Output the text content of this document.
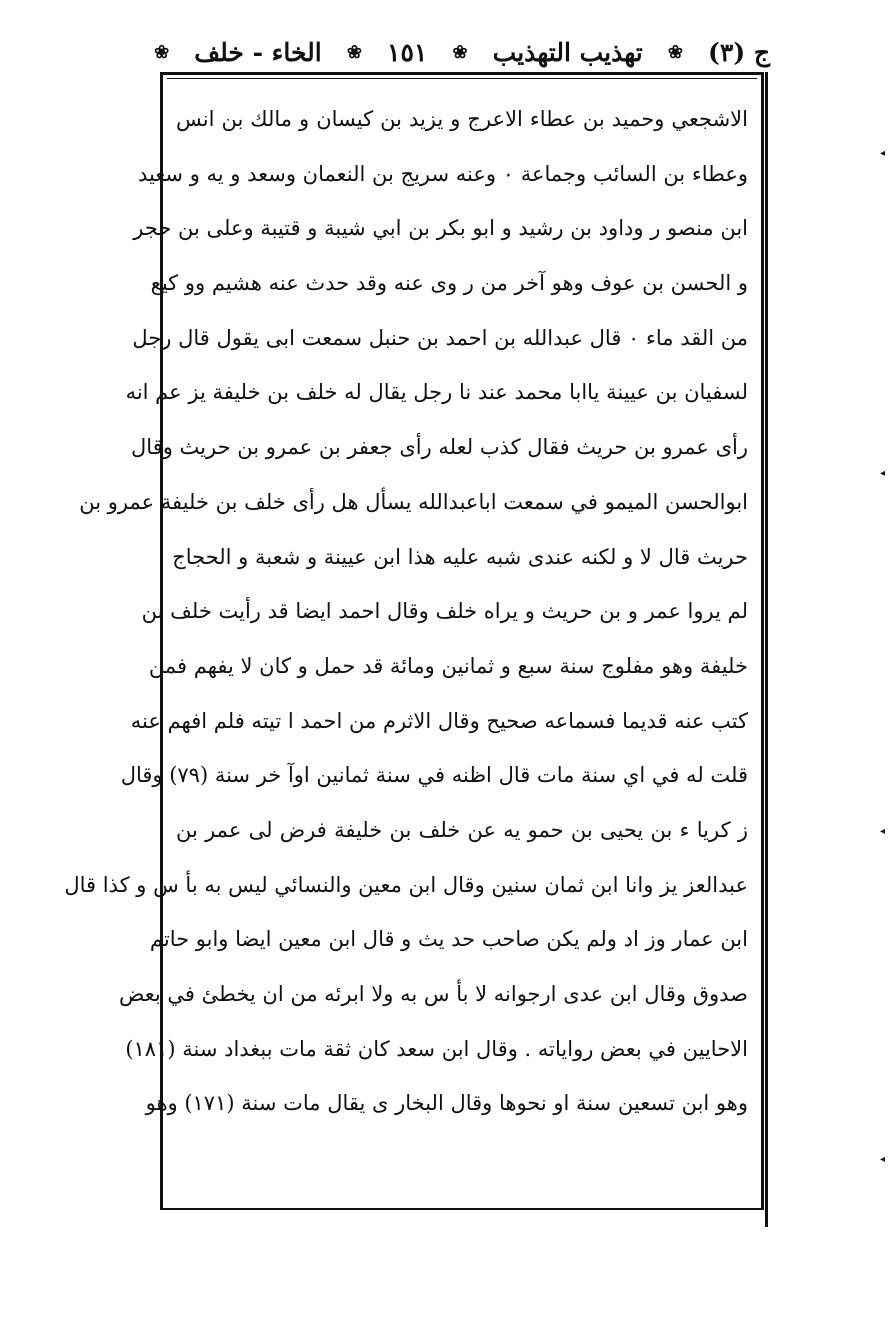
ج (٣)
❀
تهذيب التهذيب
❀
١٥١
❀
الخاء - خلف
❀
الاشجعي وحميد بن عطاء الاعرج و يزيد بن كيسان و مالك بن انس
وعطاء بن السائب وجماعة ٠ وعنه سريج بن النعمان وسعد و يه و سعيد
ابن منصو ر وداود بن رشيد و ابو بكر بن ابي شيبة و قتيبة وعلى بن حجر
و الحسن بن عوف وهو آخر من ر وى عنه وقد حدث عنه هشيم وو كيع
من القد ماء ٠ قال عبدالله بن احمد بن حنبل سمعت ابى يقول قال رجل
لسفيان بن عيينة ياابا محمد عند نا رجل يقال له خلف بن خليفة يز عم انه
رأى عمرو بن حريث فقال كذب لعله رأى جعفر بن عمرو بن حريث وقال
ابوالحسن الميمو في سمعت اباعبدالله يسأل هل رأى خلف بن خليفة عمرو بن
حريث قال لا و لكنه عندى شبه عليه هذا ابن عيينة و شعبة و الحجاج
لم يروا عمر و بن حريث و يراه خلف وقال احمد ايضا قد رأيت خلف بن
خليفة وهو مفلوج سنة سبع و ثمانين ومائة قد حمل و كان لا يفهم فمن
كتب عنه قديما فسماعه صحيح وقال الاثرم من احمد ا تيته فلم افهم عنه
قلت له في اي سنة مات قال اظنه في سنة ثمانين اوآ خر سنة (٧٩) وقال
ز كريا ء بن يحيى بن حمو يه عن خلف بن خليفة فرض لى عمر بن
عبدالعز يز وانا ابن ثمان سنين وقال ابن معين والنسائي ليس به بأ س و كذا قال
ابن عمار وز اد ولم يكن صاحب حد يث و قال ابن معين ايضا وابو حاتم
صدوق وقال ابن عدى ارجوانه لا بأ س به ولا ابرئه من ان يخطئ في بعض
الاحايين في بعض رواياته . وقال ابن سعد كان ثقة مات ببغداد سنة (١٨١)
وهو ابن تسعين سنة او نحوها وقال البخار ى يقال مات سنة (١٧١) وهو
◂
◂
◂
◂
